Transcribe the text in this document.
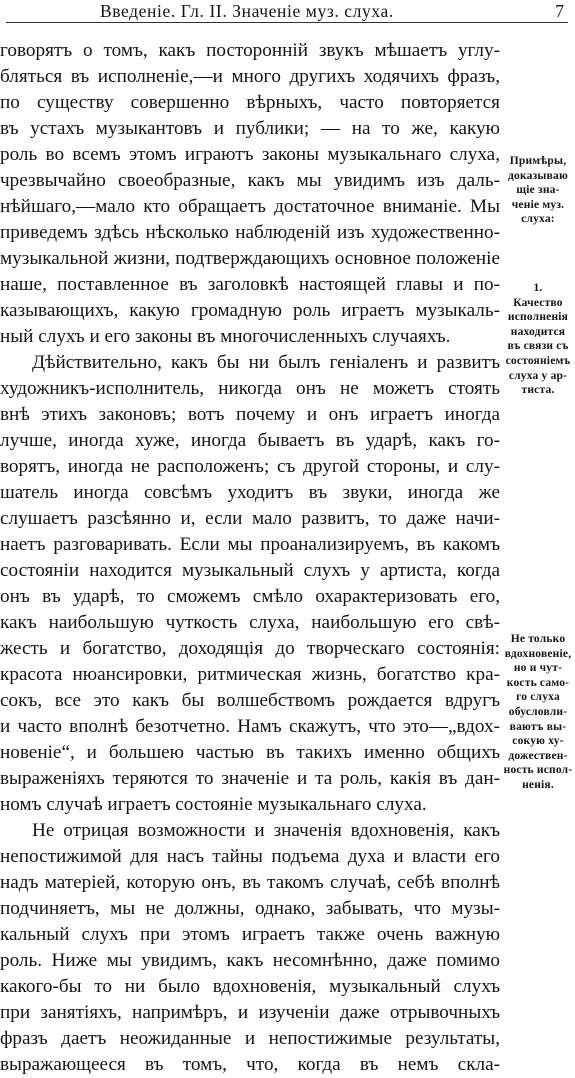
Введеніе. Гл. II. Значеніе муз. слуха.	7
говорятъ о томъ, какъ посторонній звукъ мѣшаетъ углу-
бляться въ исполненіе,—и многo другихъ ходячихъ фразъ,
по существу совершенно вѣрныхъ, часто повторяется
въ устахъ музыкантовъ и публики; — на то же, какую
роль во всемъ этомъ играютъ законы музыкальнаго слуха,
чрезвычайно своеобразные, какъ мы увидимъ изъ даль-
нѣйшаго,—мало кто обращаетъ достаточное вниманіе. Мы
приведемъ здѣсь нѣсколько наблюденій изъ художественно-
музыкальной жизни, подтверждающихъ основное положеніе
наше, поставленное въ заголовкѣ настоящей главы и по-
казывающихъ, какую громадную роль играетъ музыкаль-
ный слухъ и его законы въ многочисленныхъ случаяхъ.
Дѣйствительно, какъ бы ни былъ геніаленъ и развитъ
художникъ-исполнитель, никогда онъ не можетъ стоять
внѣ этихъ законовъ; вотъ почему и онъ играетъ иногда
лучше, иногда хуже, иногда бываетъ въ ударѣ, какъ го-
ворятъ, иногда не расположенъ; съ другой стороны, и слу-
шатель иногда совсѣмъ уходитъ въ звуки, иногда же
слушаетъ разсѣянно и, если мало развитъ, то даже начи-
наетъ разговаривать. Если мы проанализируемъ, въ какомъ
состояніи находится музыкальный слухъ у артиста, когда
онъ въ ударѣ, то сможемъ смѣло охарактеризовать его,
какъ наибольшую чуткость слуха, наибольшую его свѣ-
жесть и богатство, доходящія до творческаго состоянія:
красота нюансировки, ритмическая жизнь, богатство кра-
сокъ, все это какъ бы волшебствомъ рождается вдругъ
и часто вполнѣ безотчетно. Намъ скажутъ, что это—„вдох-
новеніе“, и большею частью въ такихъ именно общихъ
выраженіяхъ теряются то значеніе и та роль, какія въ дан-
номъ случаѣ играетъ состояніе музыкальнаго слуха.
Не отрицая возможности и значенія вдохновенія, какъ
непостижимой для насъ тайны подъема духа и власти его
надъ матеріей, которую онъ, въ такомъ случаѣ, себѣ вполнѣ
подчиняетъ, мы не должны, однако, забывать, что музы-
кальный слухъ при этомъ играетъ также очень важную
роль. Ниже мы увидимъ, какъ несомнѣнно, даже помимо
какого-бы то ни было вдохновенія, музыкальный слухъ
при занятіяхъ, напримѣръ, и изученіи даже отрывочныхъ
фразъ даетъ неожиданные и непостижимые результаты,
выражающееся въ томъ, что, когда въ немъ скла-
Примѣры,
доказываю
щіе зна-
ченіе муз.
слуха:
1.
Качество
исполненія
находится
въ связи съ
состояніемъ
слуха у ар-
тиста.
Не только
вдохновеніе,
но и чут-
кость само-
го слуха
обусловли-
ваютъ вы-
сокую ху-
дожествен-
ность испол-
ненія.
